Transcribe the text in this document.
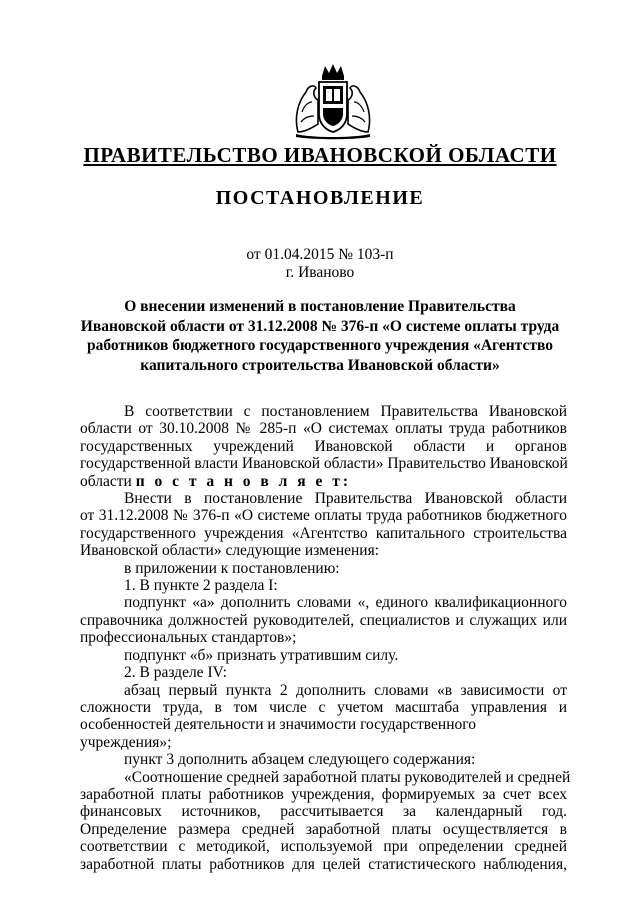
ПРАВИТЕЛЬСТВО ИВАНОВСКОЙ ОБЛАСТИ
ПОСТАНОВЛЕНИЕ
от 01.04.2015 № 103-п
г. Иваново
О внесении изменений в постановление Правительства
Ивановской области от 31.12.2008 № 376-п «О системе оплаты труда
работников бюджетного государственного учреждения «Агентство
капитального строительства Ивановской области»

В соответствии с постановлением Правительства Ивановской

области от 30.10.2008 № 285-п «О системах оплаты труда работников

государственных учреждений Ивановской области и органов

государственной власти Ивановской области» Правительство Ивановской

области п о с т а н о в л я е т:

Внести в постановление Правительства Ивановской области

от 31.12.2008 № 376-п «О системе оплаты труда работников бюджетного

государственного учреждения «Агентство капитального строительства

Ивановской области» следующие изменения:

в приложении к постановлению:

1. В пункте 2 раздела I:

подпункт «а» дополнить словами «, единого квалификационного

справочника должностей руководителей, специалистов и служащих или

профессиональных стандартов»;

подпункт «б» признать утратившим силу.

2. В разделе IV:

абзац первый пункта 2 дополнить словами «в зависимости от

сложности труда, в том числе с учетом масштаба управления и

особенностей деятельности и значимости государственного учреждения»;

пункт 3 дополнить абзацем следующего содержания:

«Соотношение средней заработной платы руководителей и средней

заработной платы работников учреждения, формируемых за счет всех

финансовых источников, рассчитывается за календарный год.

Определение размера средней заработной платы осуществляется в

соответствии с методикой, используемой при определении средней

заработной платы работников для целей статистического наблюдения,
